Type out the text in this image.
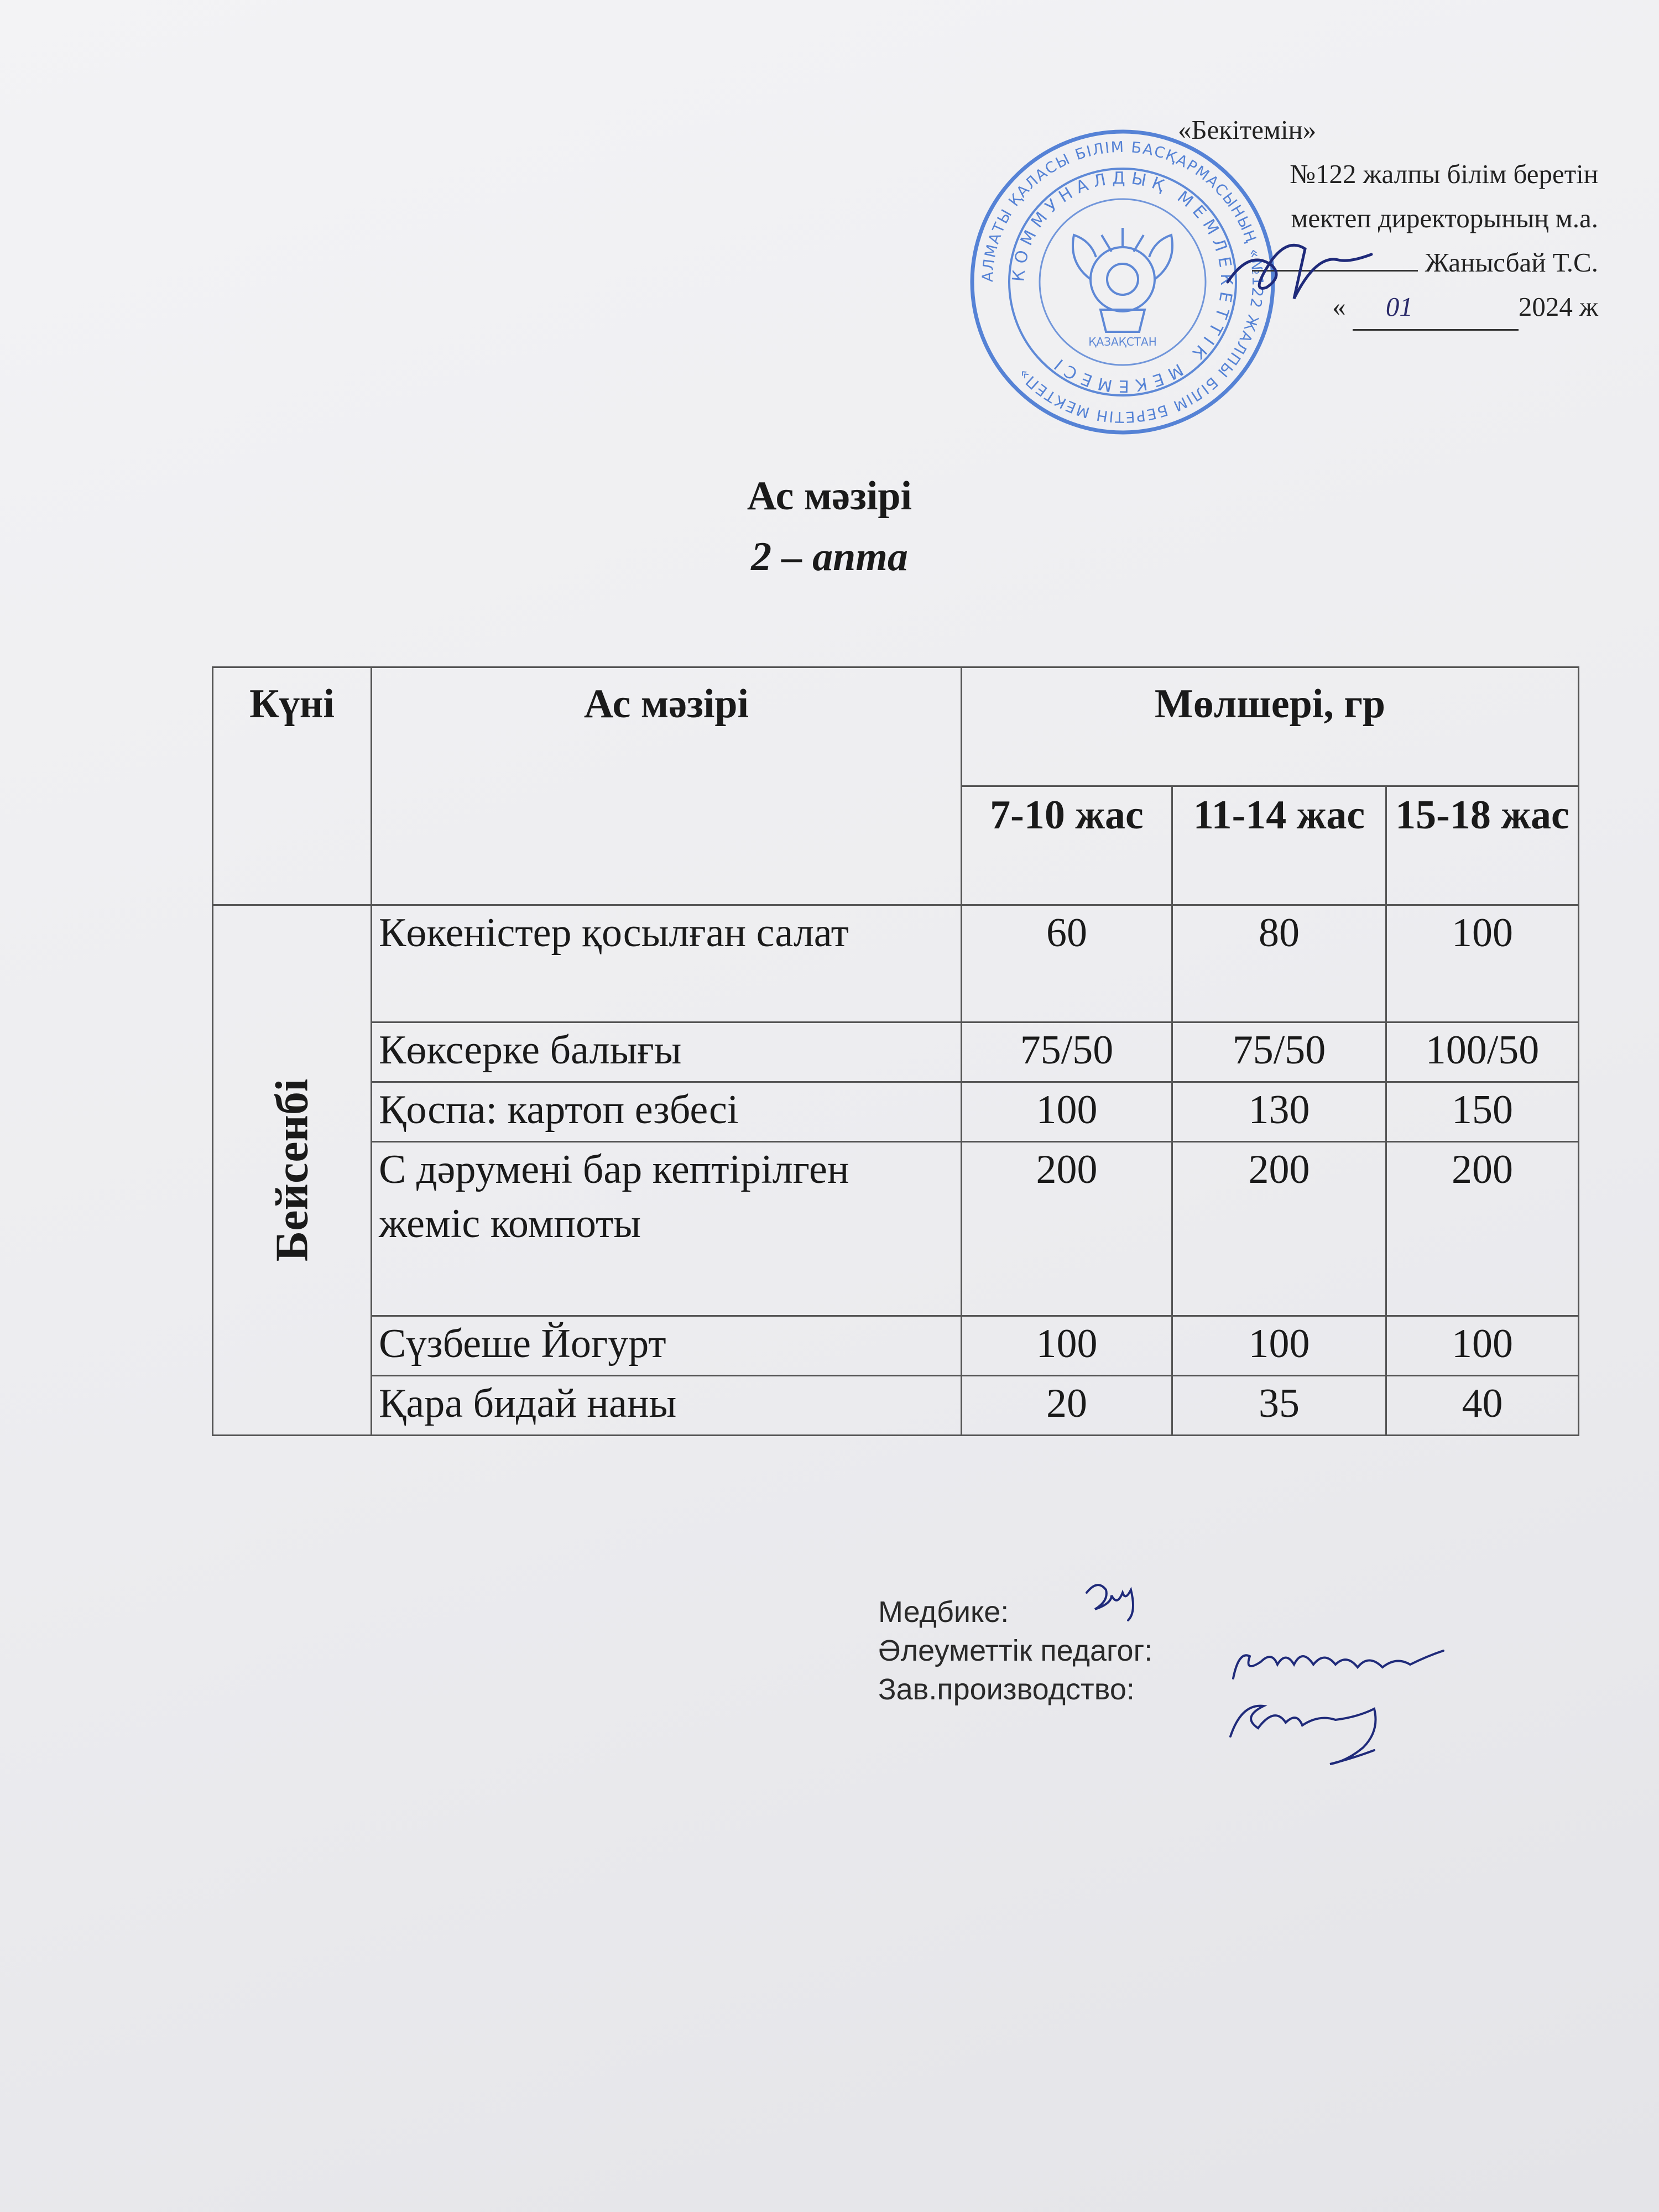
АЛМАТЫ ҚАЛАСЫ БІЛІМ БАСҚАРМАСЫНЫҢ «№122 ЖАЛПЫ БІЛІМ БЕРЕТІН МЕКТЕП»
КОММУНАЛДЫҚ МЕМЛЕКЕТТІК МЕКЕМЕСІ
ҚАЗАҚСТАН
«Бекітемін»
№122 жалпы білім беретін
мектеп директорының м.а.
Жанысбай Т.С.
« 01	2024 ж
Ас мәзірі
2 – апта
Күні	Ас мәзірі	Мөлшері, гр		
		7-10 жас	11-14 жас	15-18 жас

Бейсенбі	Көкеністер қосылған салат	60	80	100
	Көксерке балығы	75/50	75/50	100/50
	Қоспа: картоп езбесі	100	130	150
	С дәрумені бар кептірілген жеміс компоты	200	200	200
	Сүзбеше Йогурт	100	100	100
	Қара бидай наны	20	35	40
Медбике:
Әлеуметтік педагог:
Зав.производство:
